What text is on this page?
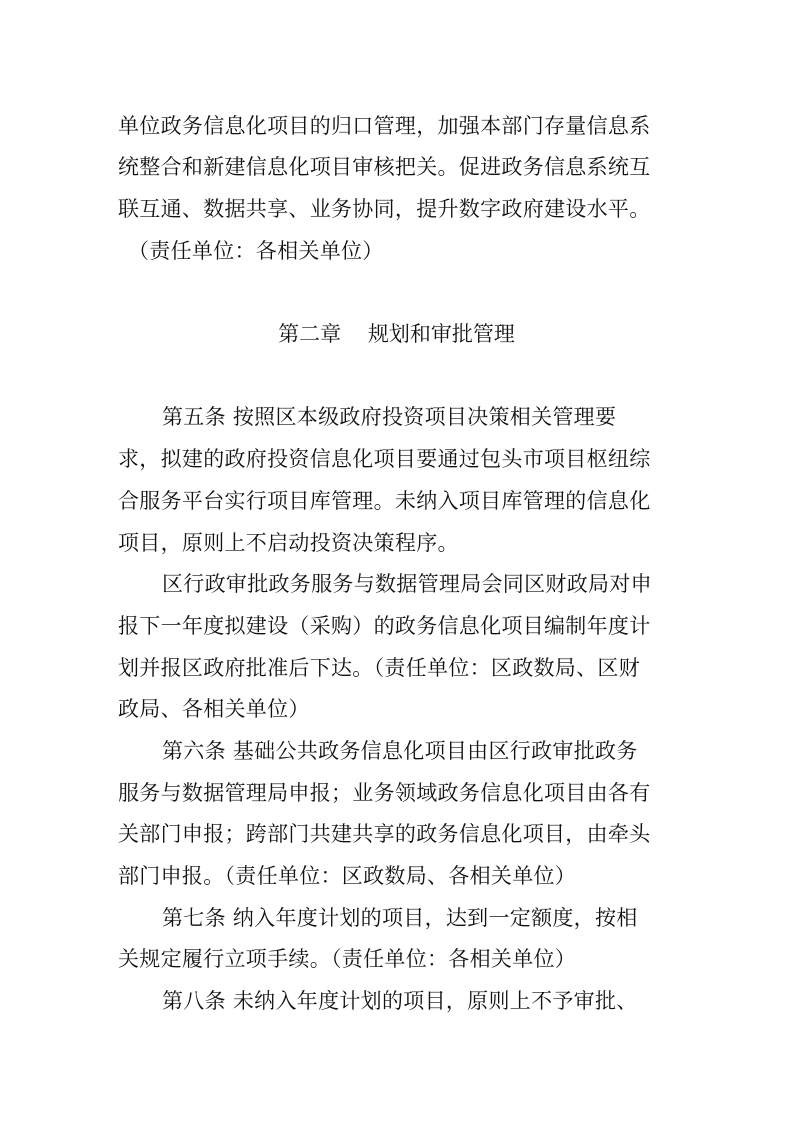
单位政务信息化项目的归口管理，加强本部门存量信息系
统整合和新建信息化项目审核把关。促进政务信息系统互
联互通、数据共享、业务协同，提升数字政府建设水平。
（责任单位：各相关单位）
第二章    规划和审批管理
第五条 按照区本级政府投资项目决策相关管理要
求，拟建的政府投资信息化项目要通过包头市项目枢纽综
合服务平台实行项目库管理。未纳入项目库管理的信息化
项目，原则上不启动投资决策程序。
区行政审批政务服务与数据管理局会同区财政局对申
报下一年度拟建设（采购）的政务信息化项目编制年度计
划并报区政府批准后下达。（责任单位：区政数局、区财
政局、各相关单位）
第六条 基础公共政务信息化项目由区行政审批政务
服务与数据管理局申报；业务领域政务信息化项目由各有
关部门申报；跨部门共建共享的政务信息化项目，由牵头
部门申报。（责任单位：区政数局、各相关单位）
第七条 纳入年度计划的项目，达到一定额度，按相
关规定履行立项手续。（责任单位：各相关单位）
第八条 未纳入年度计划的项目，原则上不予审批、
